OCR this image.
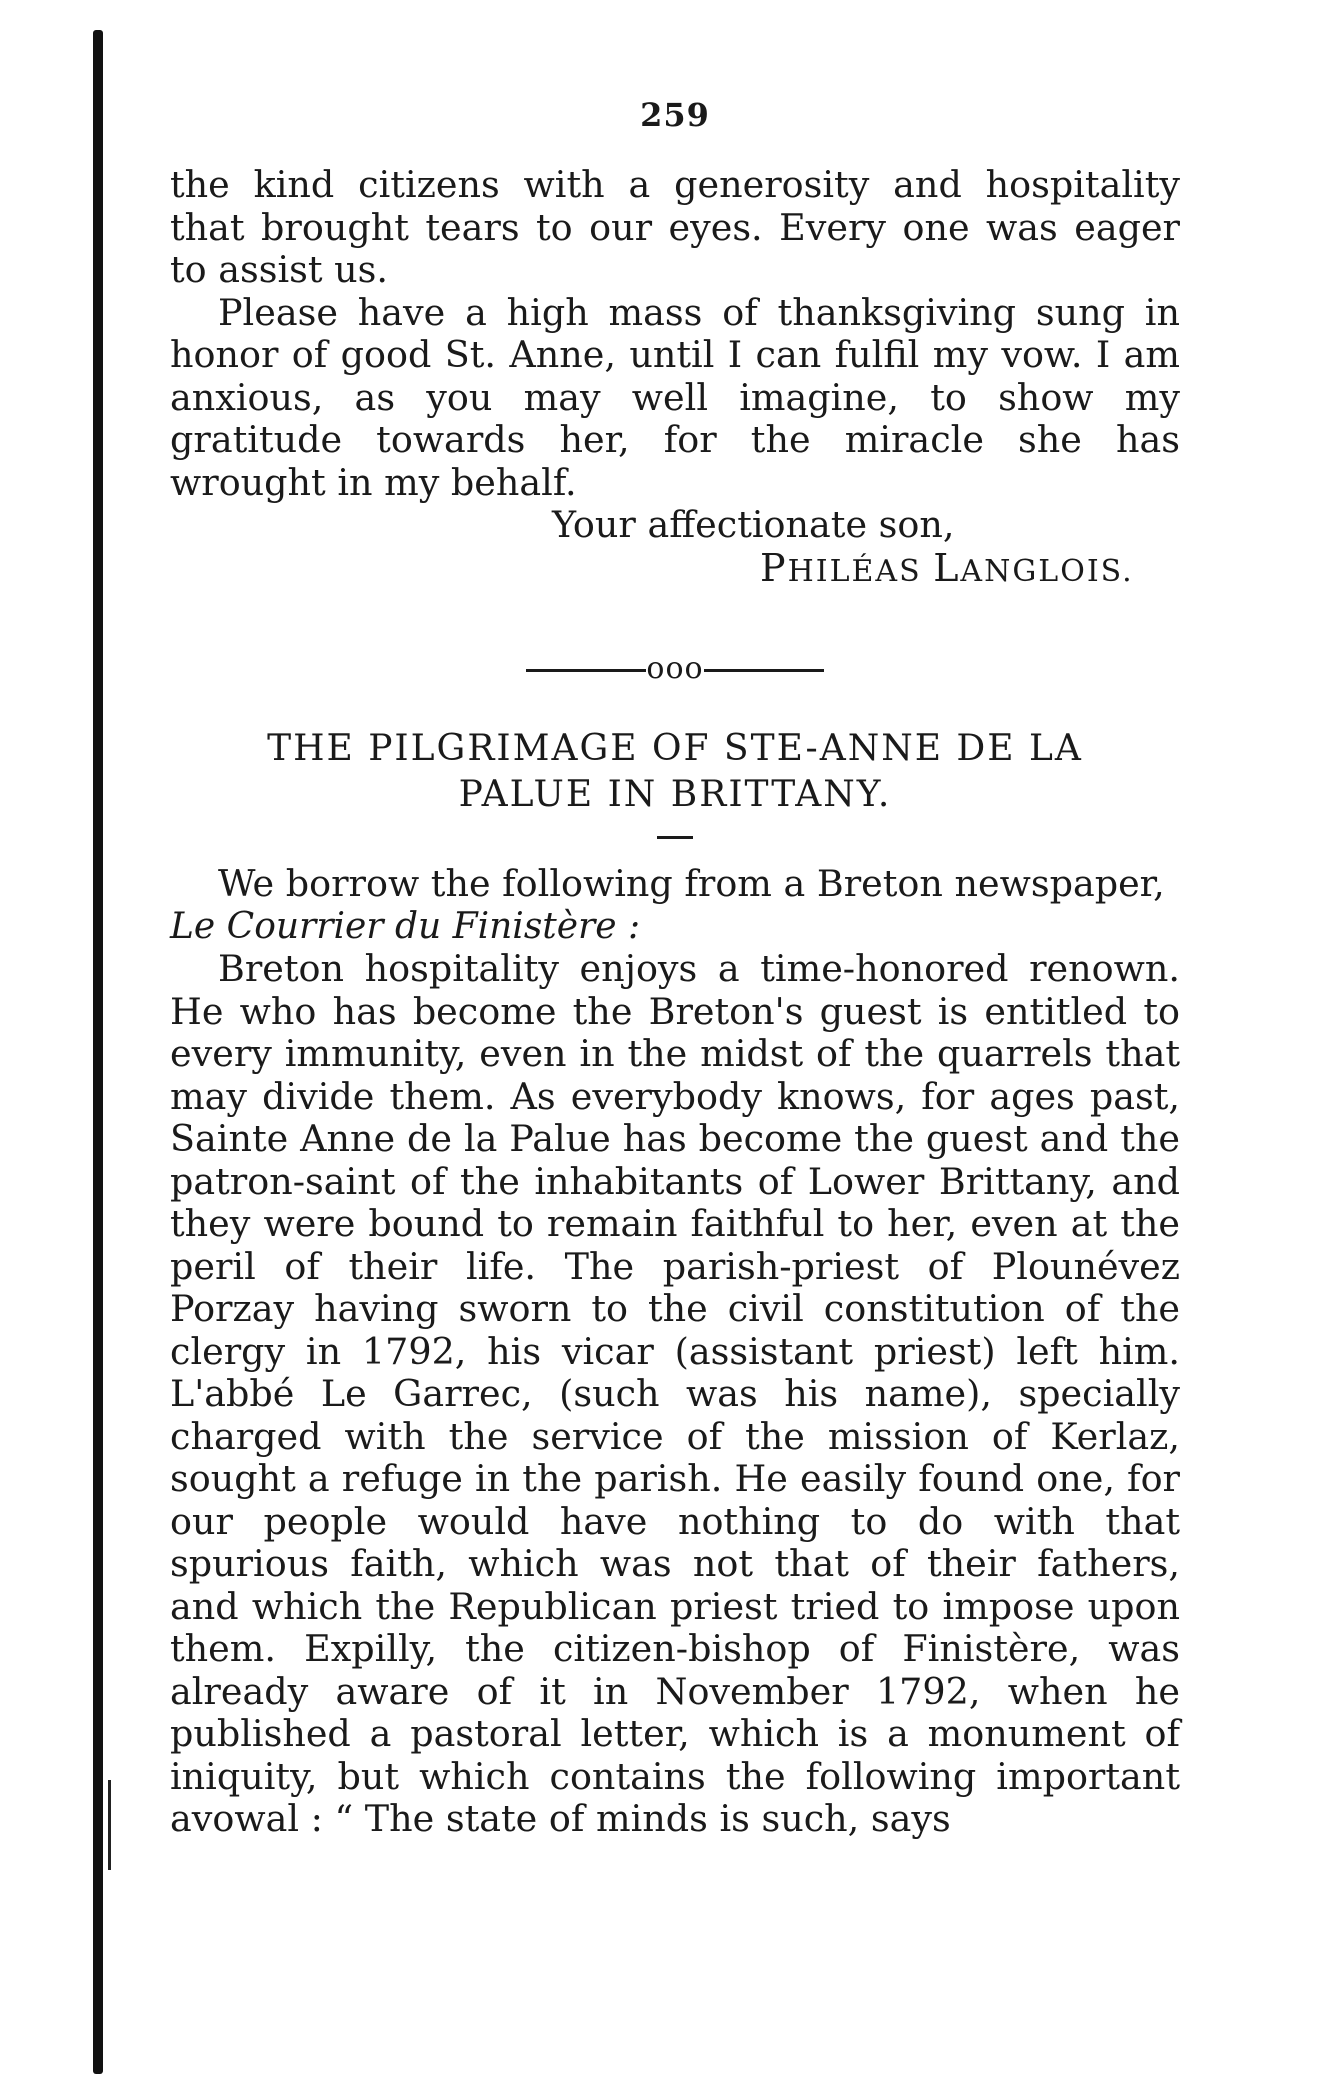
259

the kind citizens with a generosity and hospitality that brought tears to our eyes. Every one was eager to assist us.

Please have a high mass of thanksgiving sung in honor of good St. Anne, until I can fulfil my vow. I am anxious, as you may well imagine, to show my gratitude towards her, for the miracle she has wrought in my behalf.

Your affectionate son,
PHILÉAS LANGLOIS.
ooo
THE PILGRIMAGE OF STE-ANNE DE LA
PALUE IN BRITTANY.

We borrow the following from a Breton newspaper,

Le Courrier du Finistère :

Breton hospitality enjoys a time-honored renown. He who has become the Breton's guest is entitled to every immunity, even in the midst of the quarrels that may divide them. As everybody knows, for ages past, Sainte Anne de la Palue has become the guest and the patron-saint of the inhabitants of Lower Brittany, and they were bound to remain faithful to her, even at the peril of their life. The parish-priest of Plounévez Porzay having sworn to the civil constitution of the clergy in 1792, his vicar (assistant priest) left him. L'abbé Le Garrec, (such was his name), specially charged with the service of the mission of Kerlaz, sought a refuge in the parish. He easily found one, for our people would have nothing to do with that spurious faith, which was not that of their fathers, and which the Republican priest tried to impose upon them. Expilly, the citizen-bishop of Finistère, was already aware of it in November 1792, when he published a pastoral letter, which is a monument of iniquity, but which contains the following important avowal : “ The state of minds is such, says
